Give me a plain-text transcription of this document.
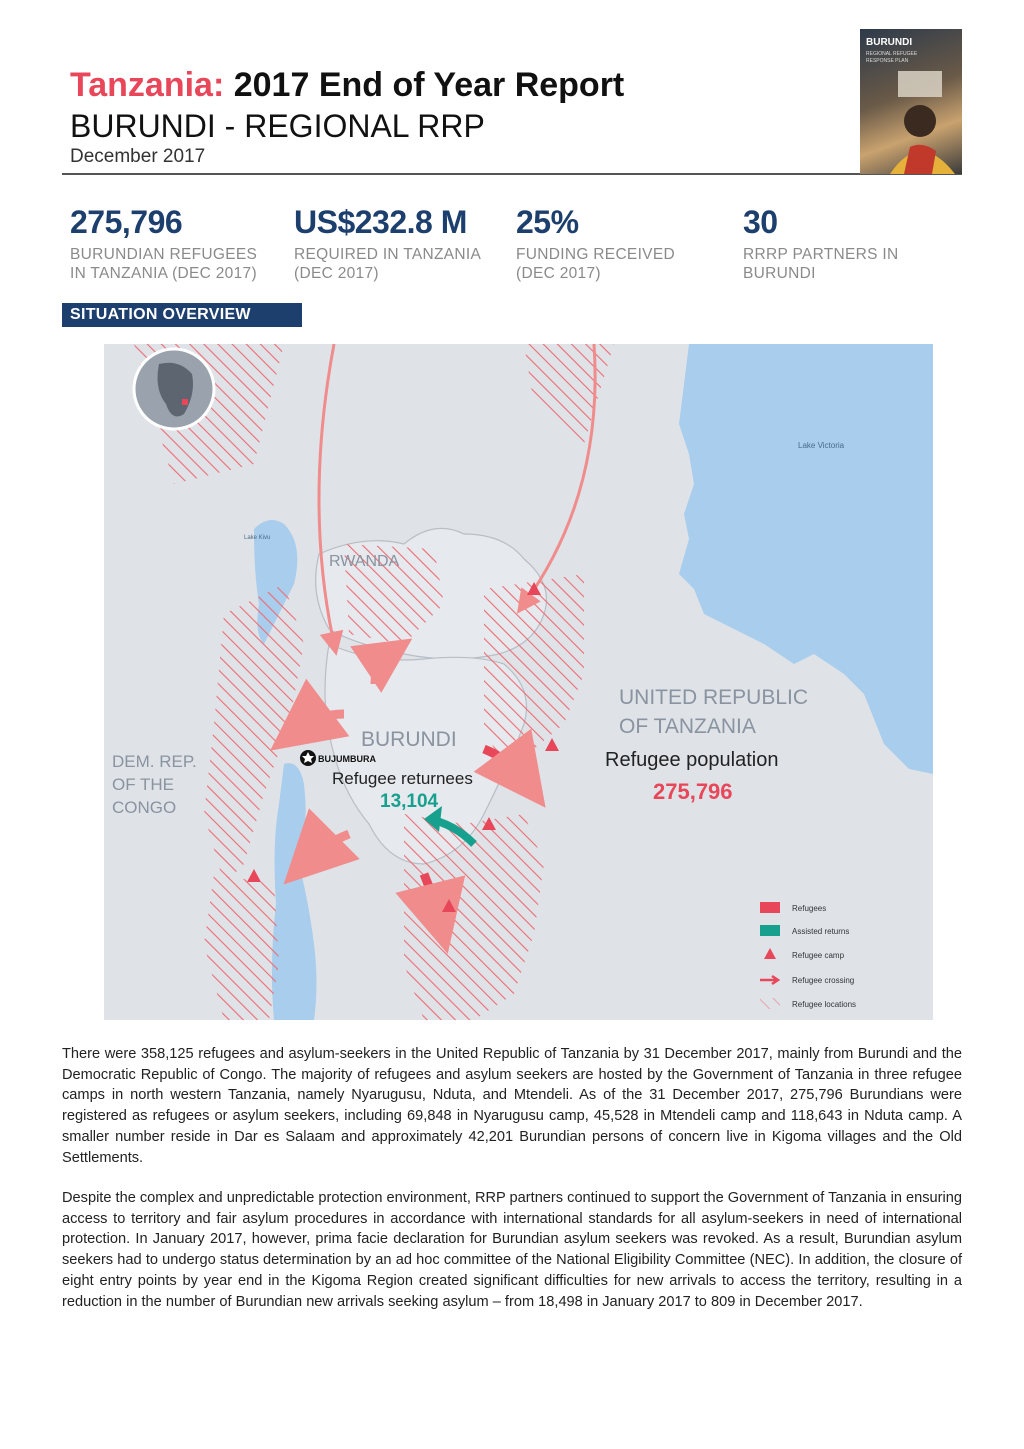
Tanzania: 2017 End of Year Report
BURUNDI - REGIONAL RRP
December 2017
BURUNDI
REGIONAL REFUGEE RESPONSE PLAN
275,796
BURUNDIAN REFUGEES
IN TANZANIA (DEC 2017)
US$232.8 M
REQUIRED IN TANZANIA
(DEC 2017)
25%
FUNDING RECEIVED
(DEC 2017)
30
RRRP PARTNERS IN
BURUNDI
SITUATION OVERVIEW
Lake Victoria
Lake Kivu
RWANDA
BURUNDI
BUJUMBURA
Refugee returnees
13,104
DEM. REP.
OF THE
CONGO
UNITED REPUBLIC
OF TANZANIA
Refugee population
275,796
Refugees
Assisted returns
Refugee camp
Refugee crossing
Refugee locations
There were 358,125 refugees and asylum-seekers in the United Republic of Tanzania by 31 December 2017, mainly from Burundi and the Democratic Republic of Congo. The majority of refugees and asylum seekers are hosted by the Government of Tanzania in three refugee camps in north western Tanzania, namely Nyarugusu, Nduta, and Mtendeli. As of the 31 December 2017, 275,796 Burundians were registered as refugees or asylum seekers, including 69,848 in Nyarugusu camp, 45,528 in Mtendeli camp and 118,643 in Nduta camp. A smaller number reside in Dar es Salaam and approximately 42,201 Burundian persons of concern live in Kigoma villages and the Old Settlements.
Despite the complex and unpredictable protection environment, RRP partners continued to support the Government of Tanzania in ensuring access to territory and fair asylum procedures in accordance with international standards for all asylum-seekers in need of international protection. In January 2017, however, prima facie declaration for Burundian asylum seekers was revoked. As a result, Burundian asylum seekers had to undergo status determination by an ad hoc committee of the National Eligibility Committee (NEC). In addition, the closure of eight entry points by year end in the Kigoma Region created significant difficulties for new arrivals to access the territory, resulting in a reduction in the number of Burundian new arrivals seeking asylum – from 18,498 in January 2017 to 809 in December 2017.
